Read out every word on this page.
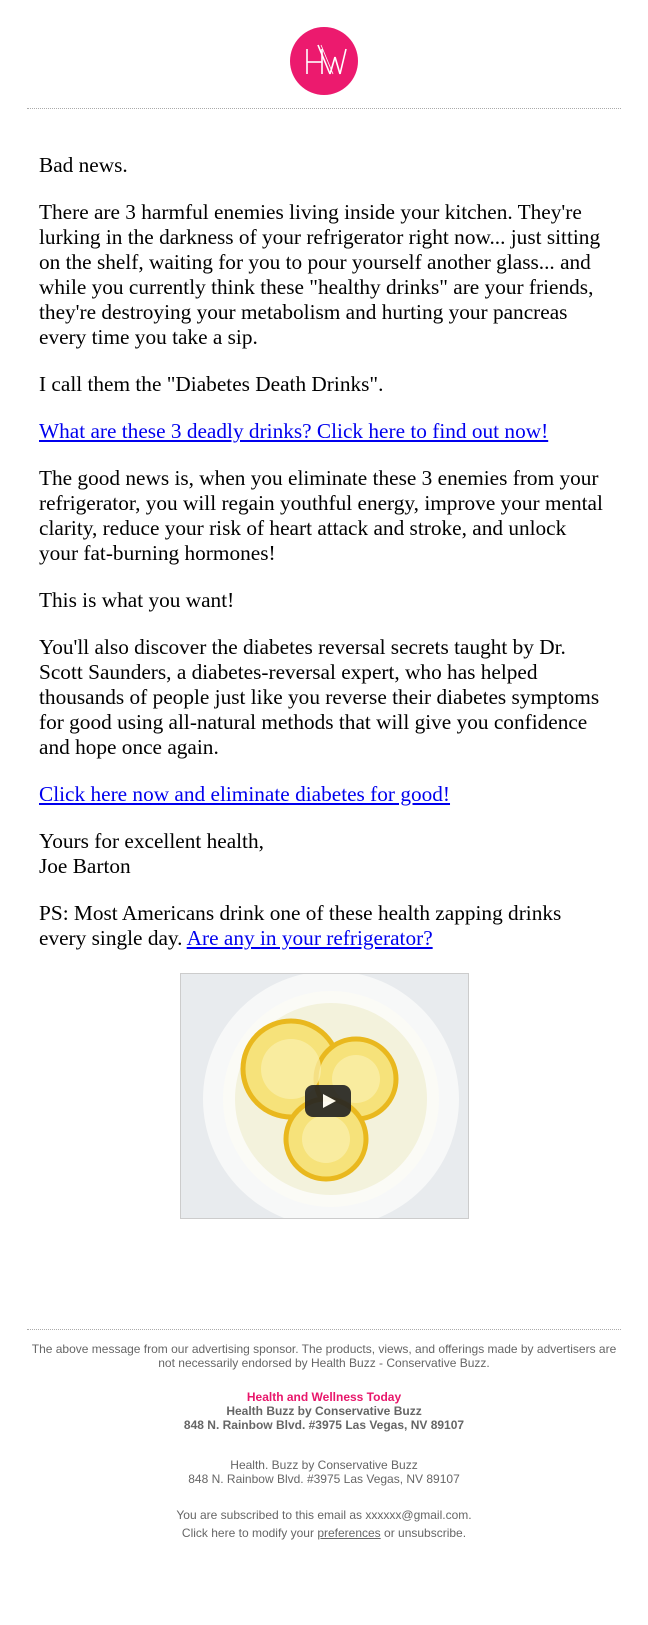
Bad news.

There are 3 harmful enemies living inside your kitchen. They're lurking in the darkness of your refrigerator right now... just sitting on the shelf, waiting for you to pour yourself another glass... and while you currently think these "healthy drinks" are your friends, they're destroying your metabolism and hurting your pancreas every time you take a sip.

I call them the "Diabetes Death Drinks".

What are these 3 deadly drinks? Click here to find out now!

The good news is, when you eliminate these 3 enemies from your refrigerator, you will regain youthful energy, improve your mental clarity, reduce your risk of heart attack and stroke, and unlock your fat-burning hormones!

This is what you want!

You'll also discover the diabetes reversal secrets taught by Dr. Scott Saunders, a diabetes-reversal expert, who has helped thousands of people just like you reverse their diabetes symptoms for good using all-natural methods that will give you confidence and hope once again.

Click here now and eliminate diabetes for good!

Yours for excellent health,
Joe Barton

PS: Most Americans drink one of these health zapping drinks every single day. Are any in your refrigerator?

The above message from our advertising sponsor. The products, views, and offerings made by advertisers are not necessarily endorsed by Health Buzz - Conservative Buzz.

Health and Wellness Today
Health Buzz by Conservative Buzz
848 N. Rainbow Blvd. #3975 Las Vegas, NV 89107

Health. Buzz by Conservative Buzz
848 N. Rainbow Blvd. #3975 Las Vegas, NV 89107

You are subscribed to this email as xxxxxx@gmail.com.
Click here to modify your preferences or unsubscribe.
